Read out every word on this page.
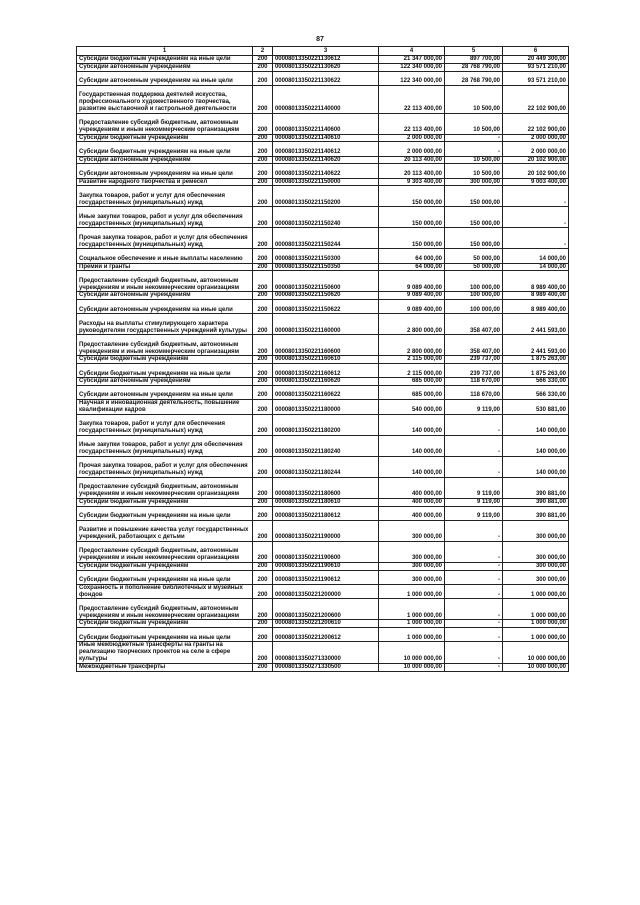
87
1	2	3	4	5	6
Субсидии бюджетным учреждениям на иные цели	200	00008013350221130612	21 347 000,00	897 700,00	20 449 300,00
Субсидии автономным учреждениям	200	00008013350221130620	122 340 000,00	28 768 790,00	93 571 210,00
Субсидии автономным учреждениям на иные цели	200	00008013350221130622	122 340 000,00	28 768 790,00	93 571 210,00
Государственная поддержка деятелей искусства, профессионального художественного творчества, развитие выставочной и гастрольной деятельности	200	00008013350221140000	22 113 400,00	10 500,00	22 102 900,00
Предоставление субсидий бюджетным, автономным учреждениям и иным некоммерческим организациям	200	00008013350221140600	22 113 400,00	10 500,00	22 102 900,00
Субсидии бюджетным учреждениям	200	00008013350221140610	2 000 000,00	-	2 000 000,00
Субсидии бюджетным учреждениям на иные цели	200	00008013350221140612	2 000 000,00	-	2 000 000,00
Субсидии автономным учреждениям	200	00008013350221140620	20 113 400,00	10 500,00	20 102 900,00
Субсидии автономным учреждениям на иные цели	200	00008013350221140622	20 113 400,00	10 500,00	20 102 900,00
Развитие народного творчества и ремесел	200	00008013350221150000	9 303 400,00	300 000,00	9 003 400,00
Закупка товаров, работ и услуг для обеспечения государственных (муниципальных) нужд	200	00008013350221150200	150 000,00	150 000,00	-
Иные закупки товаров, работ и услуг для обеспечения государственных (муниципальных) нужд	200	00008013350221150240	150 000,00	150 000,00	-
Прочая закупка товаров, работ и услуг для обеспечения государственных (муниципальных) нужд	200	00008013350221150244	150 000,00	150 000,00	-
Социальное обеспечение и иные выплаты населению	200	00008013350221150300	64 000,00	50 000,00	14 000,00
Премии и гранты	200	00008013350221150350	64 000,00	50 000,00	14 000,00
Предоставление субсидий бюджетным, автономным учреждениям и иным некоммерческим организациям	200	00008013350221150600	9 089 400,00	100 000,00	8 989 400,00
Субсидии автономным учреждениям	200	00008013350221150620	9 089 400,00	100 000,00	8 989 400,00
Субсидии автономным учреждениям на иные цели	200	00008013350221150622	9 089 400,00	100 000,00	8 989 400,00
Расходы на выплаты стимулирующего характера руководителям государственных учреждений культуры	200	00008013350221160000	2 800 000,00	358 407,00	2 441 593,00
Предоставление субсидий бюджетным, автономным учреждениям и иным некоммерческим организациям	200	00008013350221160600	2 800 000,00	358 407,00	2 441 593,00
Субсидии бюджетным учреждениям	200	00008013350221160610	2 115 000,00	239 737,00	1 875 263,00
Субсидии бюджетным учреждениям на иные цели	200	00008013350221160612	2 115 000,00	239 737,00	1 875 263,00
Субсидии автономным учреждениям	200	00008013350221160620	685 000,00	118 670,00	566 330,00
Субсидии автономным учреждениям на иные цели	200	00008013350221160622	685 000,00	118 670,00	566 330,00
Научная и инновационная деятельность, повышение квалификации кадров	200	00008013350221180000	540 000,00	9 119,00	530 881,00
Закупка товаров, работ и услуг для обеспечения государственных (муниципальных) нужд	200	00008013350221180200	140 000,00	-	140 000,00
Иные закупки товаров, работ и услуг для обеспечения государственных (муниципальных) нужд	200	00008013350221180240	140 000,00	-	140 000,00
Прочая закупка товаров, работ и услуг для обеспечения государственных (муниципальных) нужд	200	00008013350221180244	140 000,00	-	140 000,00
Предоставление субсидий бюджетным, автономным учреждениям и иным некоммерческим организациям	200	00008013350221180600	400 000,00	9 119,00	390 881,00
Субсидии бюджетным учреждениям	200	00008013350221180610	400 000,00	9 119,00	390 881,00
Субсидии бюджетным учреждениям на иные цели	200	00008013350221180612	400 000,00	9 119,00	390 881,00
Развитие и повышение качества услуг государственных учреждений, работающих с детьми	200	00008013350221190000	300 000,00	-	300 000,00
Предоставление субсидий бюджетным, автономным учреждениям и иным некоммерческим организациям	200	00008013350221190600	300 000,00	-	300 000,00
Субсидии бюджетным учреждениям	200	00008013350221190610	300 000,00	-	300 000,00
Субсидии бюджетным учреждениям на иные цели	200	00008013350221190612	300 000,00	-	300 000,00
Сохранность и пополнение библиотечных и музейных фондов	200	00008013350221200000	1 000 000,00	-	1 000 000,00
Предоставление субсидий бюджетным, автономным учреждениям и иным некоммерческим организациям	200	00008013350221200600	1 000 000,00	-	1 000 000,00
Субсидии бюджетным учреждениям	200	00008013350221200610	1 000 000,00	-	1 000 000,00
Субсидии бюджетным учреждениям на иные цели	200	00008013350221200612	1 000 000,00	-	1 000 000,00
Иные межбюджетные трансферты на гранты на реализацию творческих проектов на селе в сфере культуры	200	00008013350271330000	10 000 000,00	-	10 000 000,00
Межбюджетные трансферты	200	00008013350271330500	10 000 000,00	-	10 000 000,00
